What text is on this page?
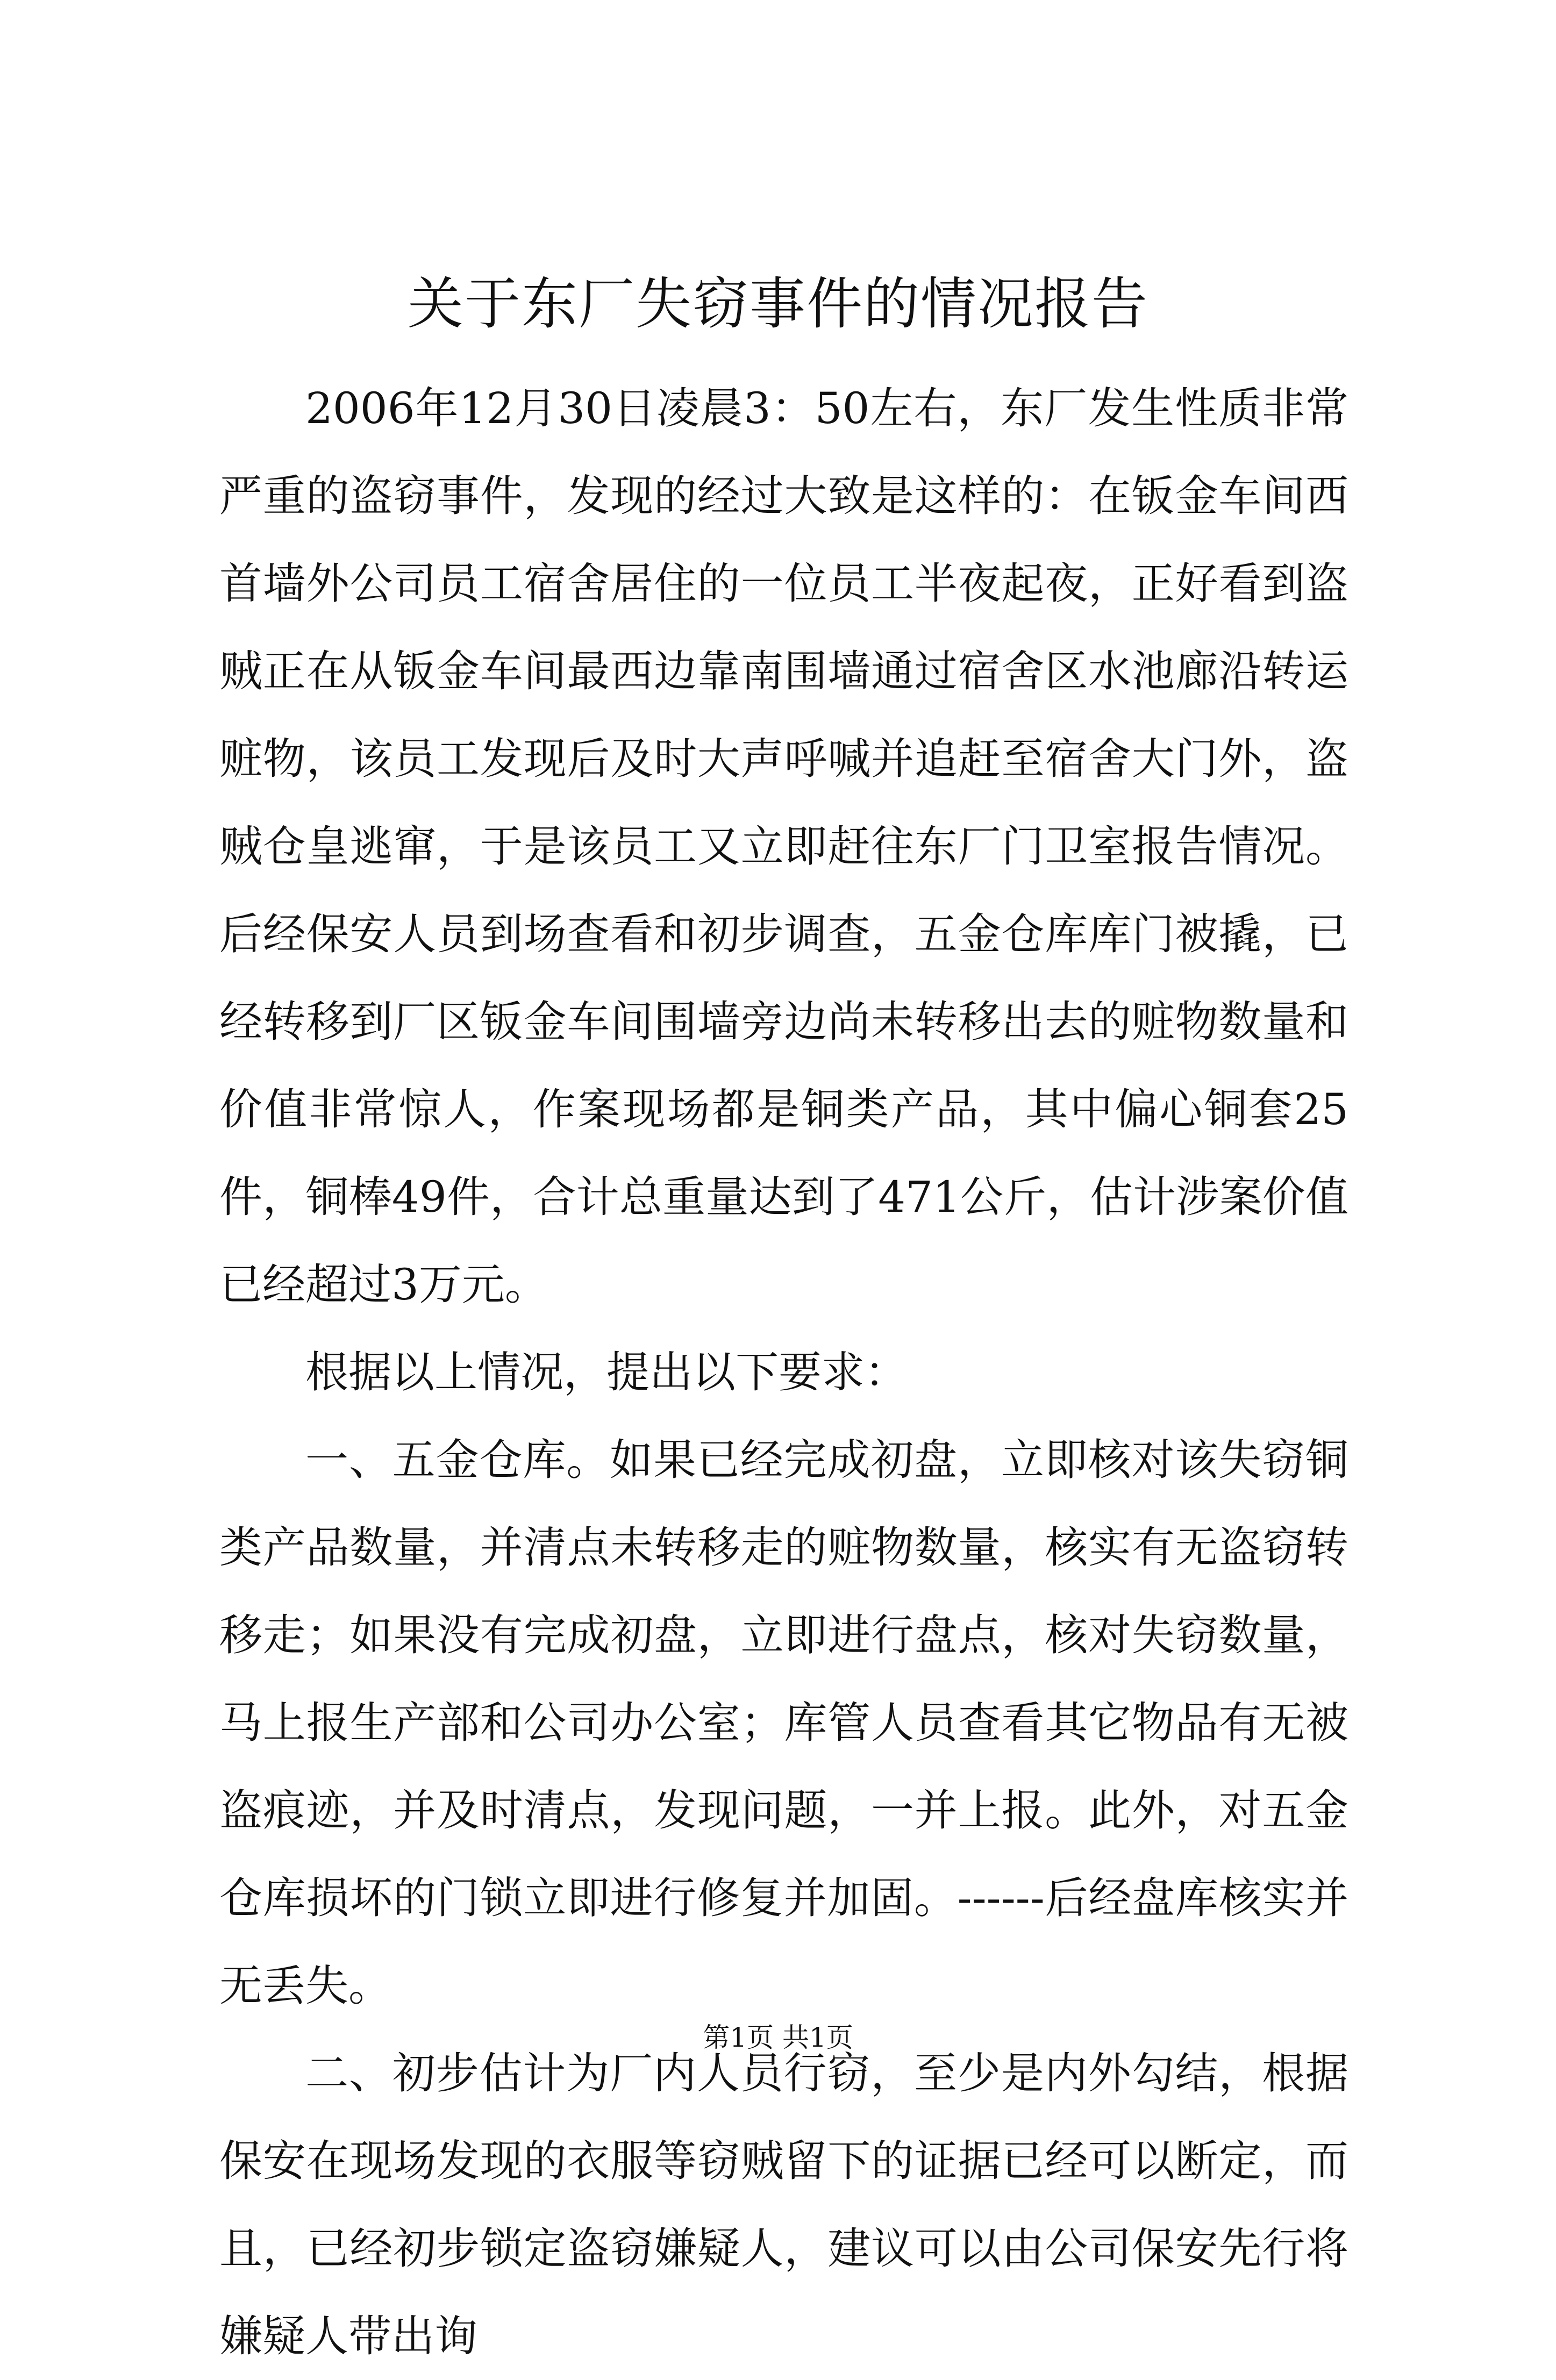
关于东厂失窃事件的情况报告

2006年12月30日凌晨3：50左右，东厂发生性质非常严重的盗窃事件，发现的经过大致是这样的：在钣金车间西首墙外公司员工宿舍居住的一位员工半夜起夜，正好看到盗贼正在从钣金车间最西边靠南围墙通过宿舍区水池廊沿转运赃物，该员工发现后及时大声呼喊并追赶至宿舍大门外，盗贼仓皇逃窜，于是该员工又立即赶往东厂门卫室报告情况。后经保安人员到场查看和初步调查，五金仓库库门被撬，已经转移到厂区钣金车间围墙旁边尚未转移出去的赃物数量和价值非常惊人，作案现场都是铜类产品，其中偏心铜套25件，铜棒49件，合计总重量达到了471公斤，估计涉案价值已经超过3万元。

根据以上情况，提出以下要求：

一、五金仓库。如果已经完成初盘，立即核对该失窃铜类产品数量，并清点未转移走的赃物数量，核实有无盗窃转移走；如果没有完成初盘，立即进行盘点，核对失窃数量，马上报生产部和公司办公室；库管人员查看其它物品有无被盗痕迹，并及时清点，发现问题，一并上报。此外，对五金仓库损坏的门锁立即进行修复并加固。------后经盘库核实并无丢失。

二、初步估计为厂内人员行窃，至少是内外勾结，根据保安在现场发现的衣服等窃贼留下的证据已经可以断定，而且，已经初步锁定盗窃嫌疑人，建议可以由公司保安先行将嫌疑人带出询

第1页 共1页
